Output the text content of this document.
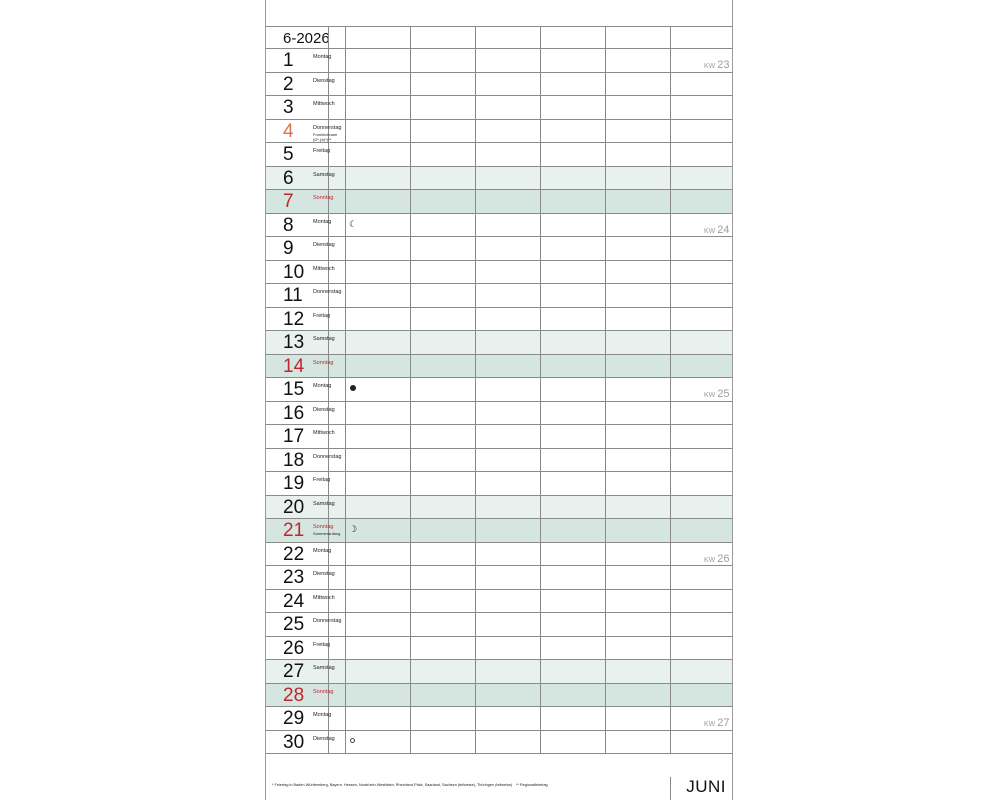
6-2026
1	Montag
KW 23
2	Dienstag
3	Mittwoch
4	Donnerstag
Fronleichnam
(D*,(A)*)**
5	Freitag
6	Samstag
7	Sonntag
8	Montag ☾
KW 24
9	Dienstag
10 Mittwoch
11 Donnerstag
12 Freitag
13 Samstag
14 Sonntag
15 Montag
KW 25
16 Dienstag
17 Mittwoch
18 Donnerstag
19 Freitag
20 Samstag
21 Sonntag
Sommeranfang ☽
22 Montag
KW 26
23 Dienstag
24 Mittwoch
25 Donnerstag
26 Freitag
27 Samstag
28 Sonntag
29 Montag
KW 27
30 Dienstag
* Feiertag in Baden-Württemberg, Bayern, Hessen, Nordrhein-Westfalen, Rheinland-Pfalz, Saarland, Sachsen (teilweise), Thüringen (teilweise) ** Regionalfeiertag	JUNI
